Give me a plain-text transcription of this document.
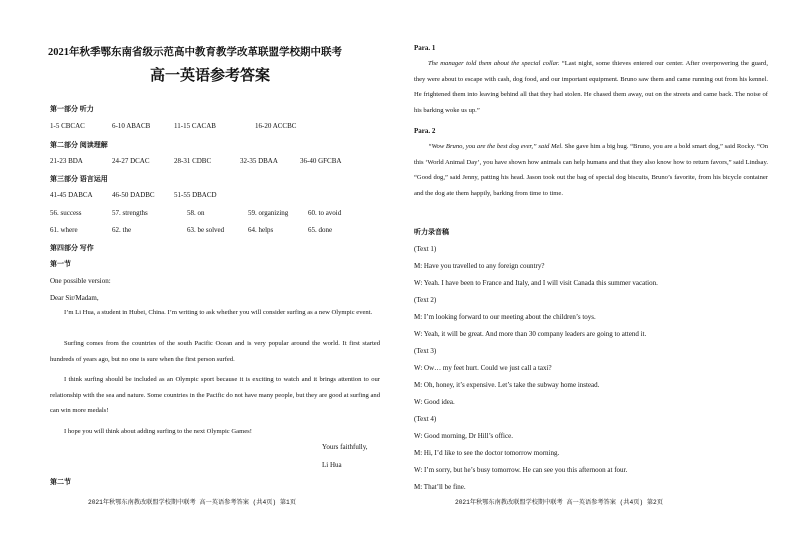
2021年秋季鄂东南省级示范高中教育教学改革联盟学校期中联考
高一英语参考答案
第一部分 听力
1-5 CBCAC	6-10 ABACB	11-15 CACAB	16-20 ACCBC
第二部分 阅读理解
21-23 BDA	24-27 DCAC	28-31 CDBC	32-35 DBAA	36-40 GFCBA
第三部分 语言运用
41-45 DABCA	46-50 DADBC	51-55 DBACD
56. success	57. strengths	58. on	59. organizing	60. to avoid
61. where	62. the	63. be solved	64. helps	65. done
第四部分 写作
第一节
One possible version:
Dear Sir/Madam,
I’m Li Hua, a student in Hubei, China. I’m writing to ask whether you will consider surfing as a new Olympic event.
Surfing comes from the countries of the south Pacific Ocean and is very popular around the world. It first started hundreds of years ago, but no one is sure when the first person surfed.
I think surfing should be included as an Olympic sport because it is exciting to watch and it brings attention to our relationship with the sea and nature. Some countries in the Pacific do not have many people, but they are good at surfing and can win more medals!
I hope you will think about adding surfing to the next Olympic Games!
Yours faithfully,
Li Hua
第二节
2021年秋鄂东南教改联盟学校期中联考 高一英语参考答案 (共4页) 第1页
Para. 1
The manager told them about the special collar. “Last night, some thieves entered our center. After overpowering the guard, they were about to escape with cash, dog food, and our important equipment. Bruno saw them and came running out from his kennel. He frightened them into leaving behind all that they had stolen. He chased them away, out on the streets and came back. The noise of his barking woke us up.”
Para. 2
“Wow Bruno, you are the best dog ever,” said Mel. She gave him a big hug. “Bruno, you are a bold smart dog,” said Rocky. “On this ‘World Animal Day’, you have shown how animals can help humans and that they also know how to return favors,” said Lindsay. “Good dog,” said Jenny, patting his head. Jason took out the bag of special dog biscuits, Bruno’s favorite, from his bicycle container and the dog ate them happily, barking from time to time.
听力录音稿
(Text 1)
M: Have you travelled to any foreign country?
W: Yeah. I have been to France and Italy, and I will visit Canada this summer vacation.
(Text 2)
M: I’m looking forward to our meeting about the children’s toys.
W: Yeah, it will be great. And more than 30 company leaders are going to attend it.
(Text 3)
W: Ow… my feet hurt. Could we just call a taxi?
M: Oh, honey, it’s expensive. Let’s take the subway home instead.
W: Good idea.
(Text 4)
W: Good morning, Dr Hill’s office.
M: Hi, I’d like to see the doctor tomorrow morning.
W: I’m sorry, but he’s busy tomorrow. He can see you this afternoon at four.
M: That’ll be fine.
2021年秋鄂东南教改联盟学校期中联考 高一英语参考答案 (共4页) 第2页
